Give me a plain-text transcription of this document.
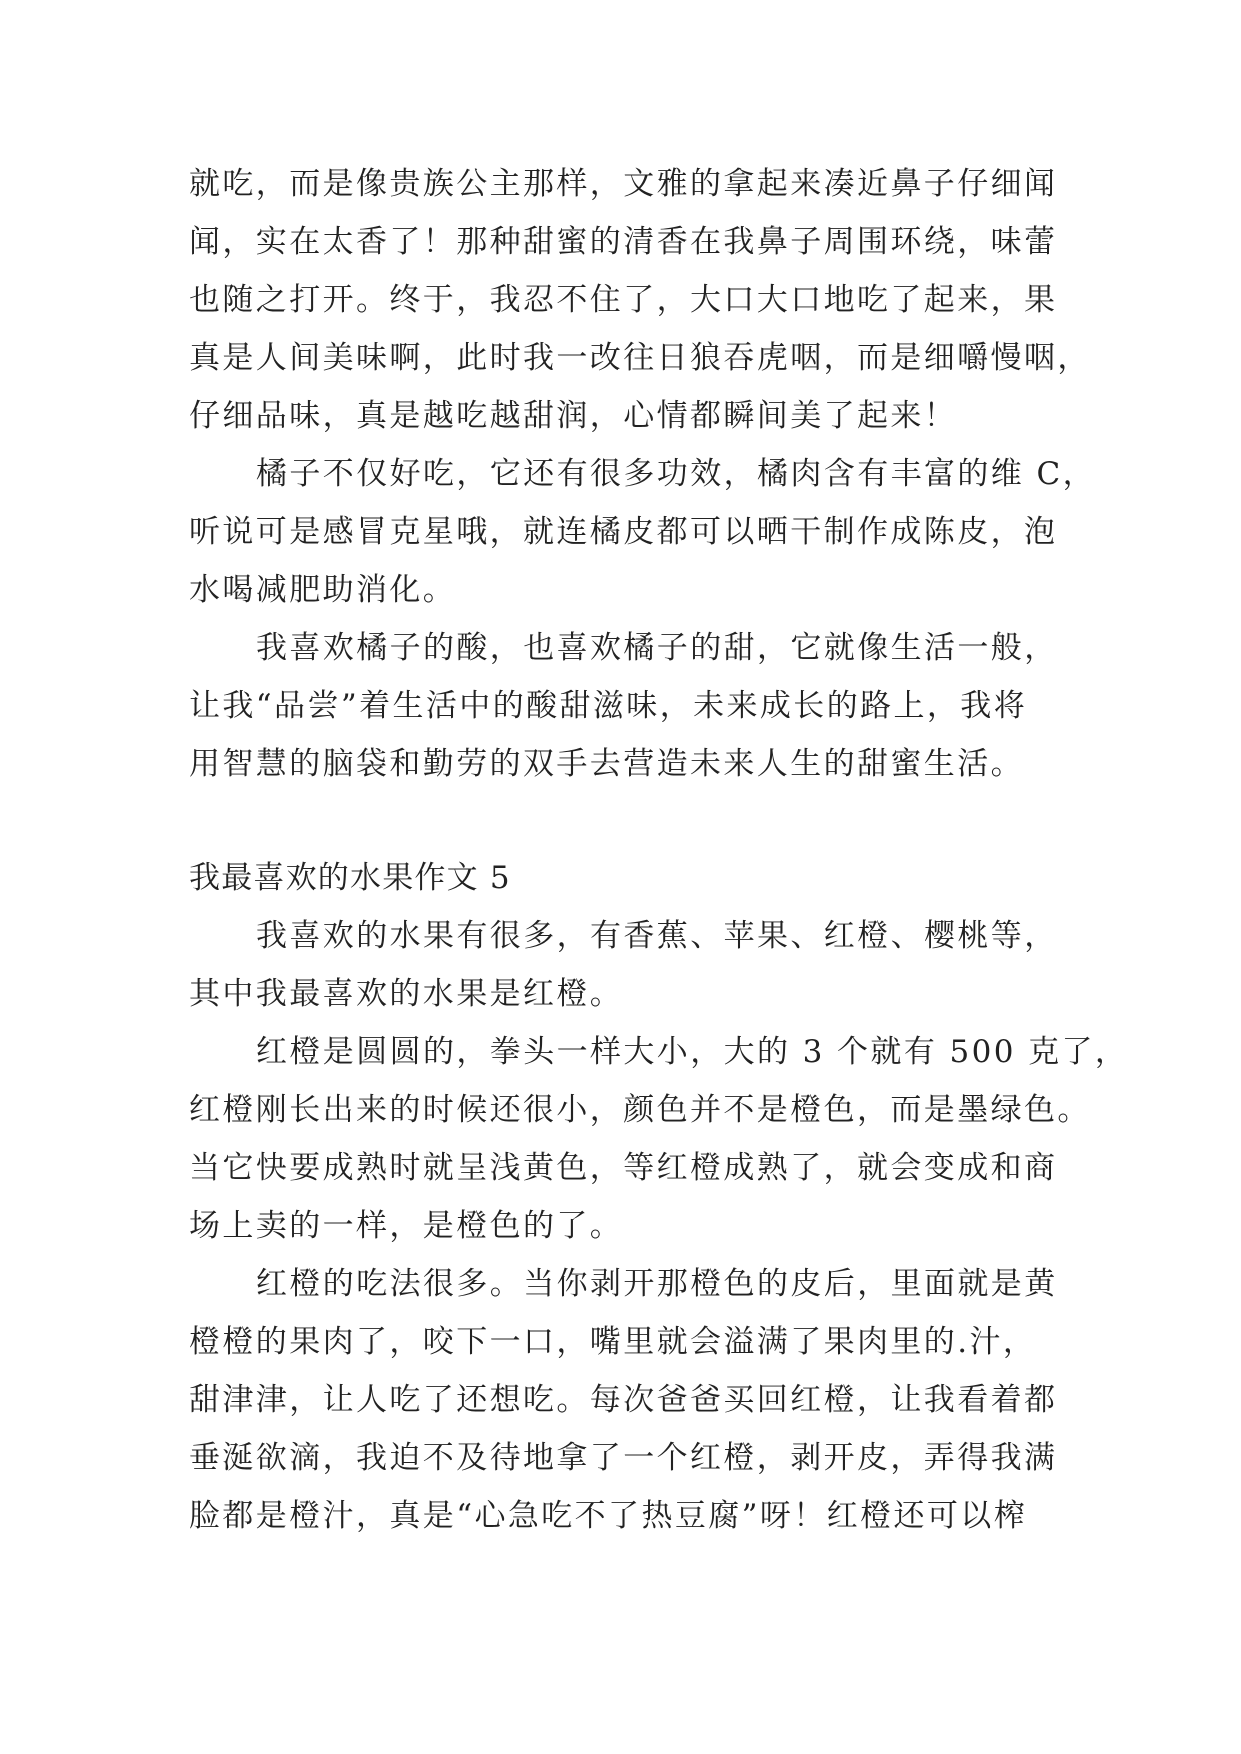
就吃，而是像贵族公主那样，文雅的拿起来凑近鼻子仔细闻
闻，实在太香了！那种甜蜜的清香在我鼻子周围环绕，味蕾
也随之打开。终于，我忍不住了，大口大口地吃了起来，果
真是人间美味啊，此时我一改往日狼吞虎咽，而是细嚼慢咽，
仔细品味，真是越吃越甜润，心情都瞬间美了起来！
橘子不仅好吃，它还有很多功效，橘肉含有丰富的维 C，
听说可是感冒克星哦，就连橘皮都可以晒干制作成陈皮，泡
水喝减肥助消化。
我喜欢橘子的酸，也喜欢橘子的甜，它就像生活一般，
让我“品尝”着生活中的酸甜滋味，未来成长的路上，我将
用智慧的脑袋和勤劳的双手去营造未来人生的甜蜜生活。
我最喜欢的水果作文 5
我喜欢的水果有很多，有香蕉、苹果、红橙、樱桃等，
其中我最喜欢的水果是红橙。
红橙是圆圆的，拳头一样大小，大的 3 个就有 500 克了，
红橙刚长出来的时候还很小，颜色并不是橙色，而是墨绿色。
当它快要成熟时就呈浅黄色，等红橙成熟了，就会变成和商
场上卖的一样，是橙色的了。
红橙的吃法很多。当你剥开那橙色的皮后，里面就是黄
橙橙的果肉了，咬下一口，嘴里就会溢满了果肉里的.汁，
甜津津，让人吃了还想吃。每次爸爸买回红橙，让我看着都
垂涎欲滴，我迫不及待地拿了一个红橙，剥开皮，弄得我满
脸都是橙汁，真是“心急吃不了热豆腐”呀！红橙还可以榨
